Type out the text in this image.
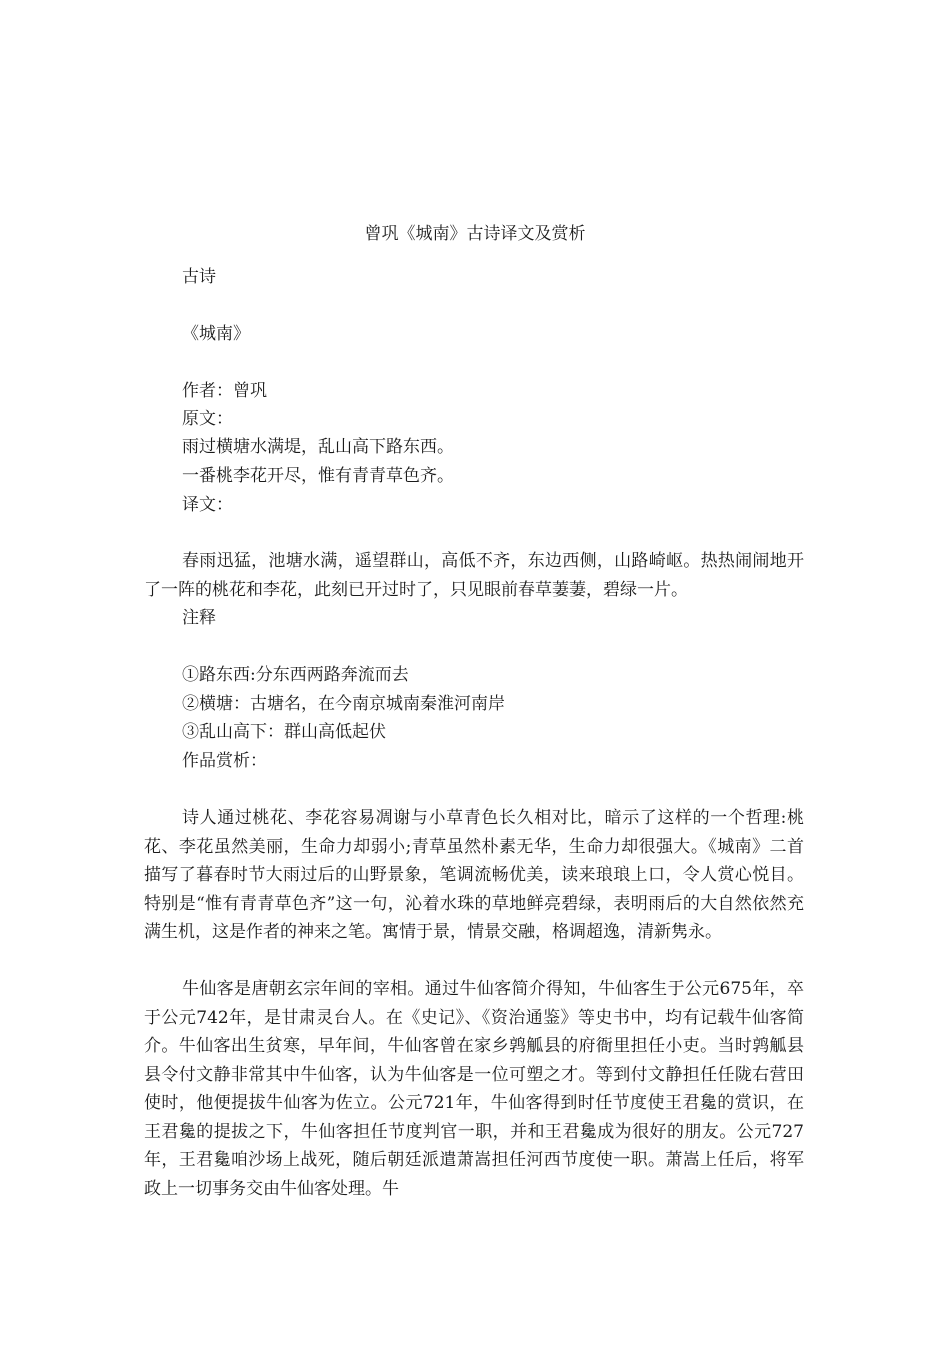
曾巩《城南》古诗译文及赏析
古诗
《城南》
作者：曾巩
原文：
雨过横塘水满堤，乱山高下路东西。
一番桃李花开尽，惟有青青草色齐。
译文：

春雨迅猛，池塘水满，遥望群山，高低不齐，东边西侧，山路崎岖。热热闹闹地开了一阵的桃花和李花，此刻已开过时了，只见眼前春草萋萋，碧绿一片。

注释
①路东西:分东西两路奔流而去
②横塘：古塘名，在今南京城南秦淮河南岸
③乱山高下：群山高低起伏
作品赏析：

诗人通过桃花、李花容易凋谢与小草青色长久相对比，暗示了这样的一个哲理:桃花、李花虽然美丽，生命力却弱小;青草虽然朴素无华，生命力却很强大。《城南》二首描写了暮春时节大雨过后的山野景象，笔调流畅优美，读来琅琅上口，令人赏心悦目。特别是“惟有青青草色齐”这一句，沁着水珠的草地鲜亮碧绿，表明雨后的大自然依然充满生机，这是作者的神来之笔。寓情于景，情景交融，格调超逸，清新隽永。

牛仙客是唐朝玄宗年间的宰相。通过牛仙客简介得知，牛仙客生于公元675年，卒于公元742年，是甘肃灵台人。在《史记》、《资治通鉴》等史书中，均有记载牛仙客简介。牛仙客出生贫寒，早年间，牛仙客曾在家乡鹑觚县的府衙里担任小吏。当时鹑觚县县令付文静非常其中牛仙客，认为牛仙客是一位可塑之才。等到付文静担任任陇右营田使时，他便提拔牛仙客为佐立。公元721年，牛仙客得到时任节度使王君毚的赏识，在王君毚的提拔之下，牛仙客担任节度判官一职，并和王君毚成为很好的朋友。公元727年，王君毚咱沙场上战死，随后朝廷派遣萧嵩担任河西节度使一职。萧嵩上任后，将军政上一切事务交由牛仙客处理。牛
